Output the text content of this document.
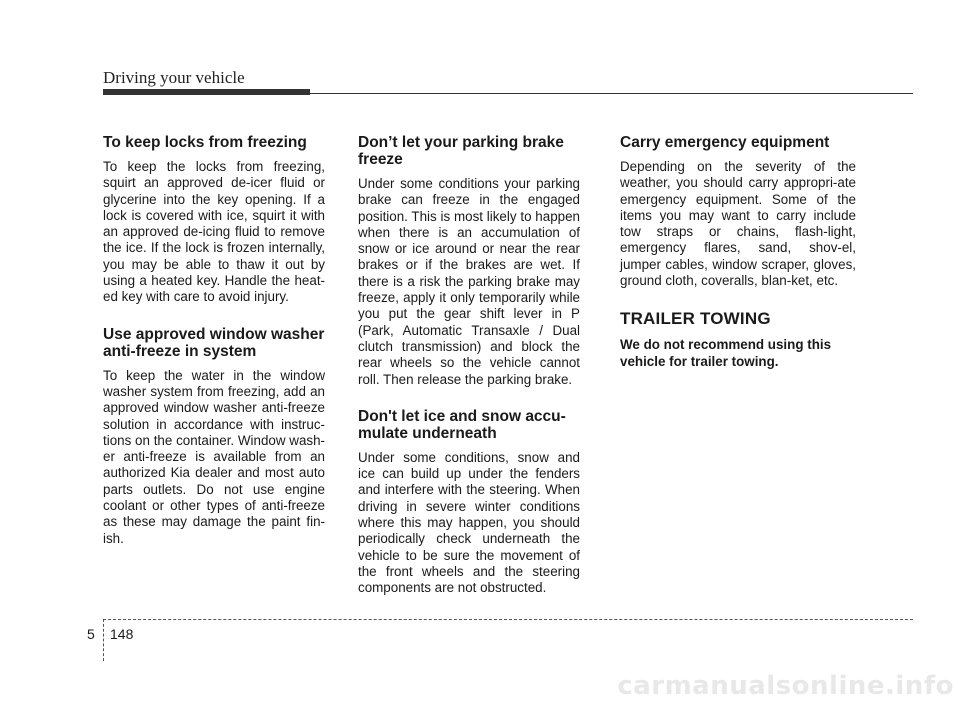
Driving your vehicle
To keep locks from freezing

To keep the locks from freezing, squirt an approved de-icer fluid or glycerine into the key opening. If a lock is covered with ice, squirt it with an approved de-icing fluid to remove the ice. If the lock is frozen internally, you may be able to thaw it out by using a heated key. Handle the heat-ed key with care to avoid injury.

Use approved window washer anti-freeze in system

To keep the water in the window washer system from freezing, add an approved window washer anti-freeze solution in accordance with instruc-tions on the container. Window wash-er anti-freeze is available from an authorized Kia dealer and most auto parts outlets. Do not use engine coolant or other types of anti-freeze as these may damage the paint fin-ish.

Don’t let your parking brake freeze

Under some conditions your parking brake can freeze in the engaged position. This is most likely to happen when there is an accumulation of snow or ice around or near the rear brakes or if the brakes are wet. If there is a risk the parking brake may freeze, apply it only temporarily while you put the gear shift lever in P (Park, Automatic Transaxle / Dual clutch transmission) and block the rear wheels so the vehicle cannot roll. Then release the parking brake.

Don't let ice and snow accu-mulate underneath

Under some conditions, snow and ice can build up under the fenders and interfere with the steering. When driving in severe winter conditions where this may happen, you should periodically check underneath the vehicle to be sure the movement of the front wheels and the steering components are not obstructed.

Carry emergency equipment

Depending on the severity of the weather, you should carry appropri-ate emergency equipment. Some of the items you may want to carry include tow straps or chains, flash-light, emergency flares, sand, shov-el, jumper cables, window scraper, gloves, ground cloth, coveralls, blan-ket, etc.

TRAILER TOWING

We do not recommend using this vehicle for trailer towing.

5 148
carmanualsonline.info
